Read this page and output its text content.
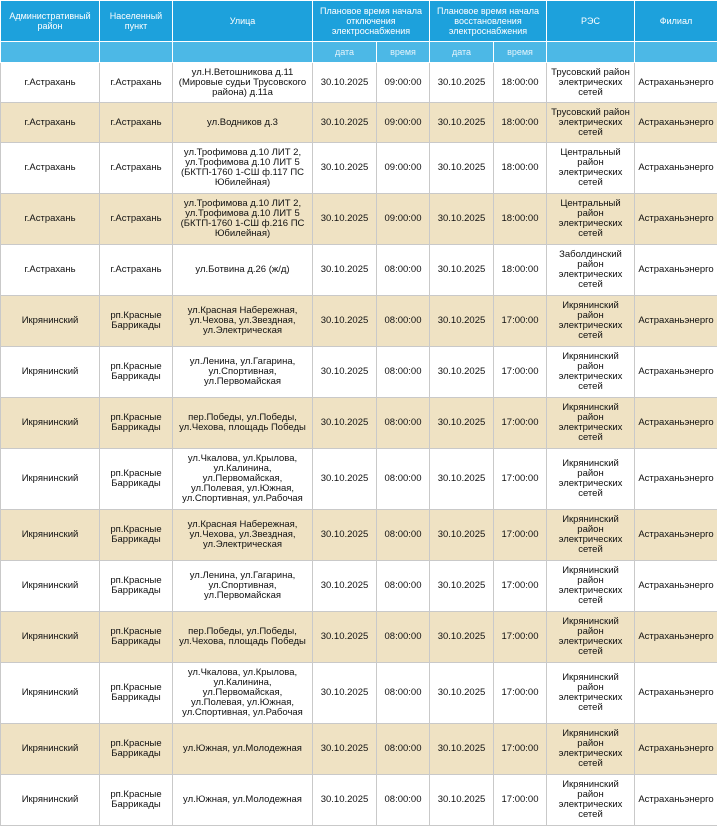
Административный район	Населенный пункт	Улица	Плановое время начала отключения электроснабжения		Плановое время начала восстановления электроснабжения		РЭС	Филиал
			дата	время	дата	время		
г.Астрахань	г.Астрахань	ул.Н.Ветошникова д.11 (Мировые судьи Трусовского района) д.11а	30.10.2025	09:00:00	30.10.2025	18:00:00	Трусовский район электрических сетей	Астраханьэнерго
г.Астрахань	г.Астрахань	ул.Водников д.3	30.10.2025	09:00:00	30.10.2025	18:00:00	Трусовский район электрических сетей	Астраханьэнерго
г.Астрахань	г.Астрахань	ул.Трофимова д.10 ЛИТ 2, ул.Трофимова д.10 ЛИТ 5 (БКТП-1760 1-СШ ф.117 ПС Юбилейная)	30.10.2025	09:00:00	30.10.2025	18:00:00	Центральный район электрических сетей	Астраханьэнерго
г.Астрахань	г.Астрахань	ул.Трофимова д.10 ЛИТ 2, ул.Трофимова д.10 ЛИТ 5 (БКТП-1760 1-СШ ф.216 ПС Юбилейная)	30.10.2025	09:00:00	30.10.2025	18:00:00	Центральный район электрических сетей	Астраханьэнерго
г.Астрахань	г.Астрахань	ул.Ботвина д.26 (ж/д)	30.10.2025	08:00:00	30.10.2025	18:00:00	Заболдинский район электрических сетей	Астраханьэнерго
Икрянинский	рп.Красные Баррикады	ул.Красная Набережная, ул.Чехова, ул.Звездная, ул.Электрическая	30.10.2025	08:00:00	30.10.2025	17:00:00	Икрянинский район электрических сетей	Астраханьэнерго
Икрянинский	рп.Красные Баррикады	ул.Ленина, ул.Гагарина, ул.Спортивная, ул.Первомайская	30.10.2025	08:00:00	30.10.2025	17:00:00	Икрянинский район электрических сетей	Астраханьэнерго
Икрянинский	рп.Красные Баррикады	пер.Победы, ул.Победы, ул.Чехова, площадь Победы	30.10.2025	08:00:00	30.10.2025	17:00:00	Икрянинский район электрических сетей	Астраханьэнерго
Икрянинский	рп.Красные Баррикады	ул.Чкалова, ул.Крылова, ул.Калинина, ул.Первомайская, ул.Полевая, ул.Южная, ул.Спортивная, ул.Рабочая	30.10.2025	08:00:00	30.10.2025	17:00:00	Икрянинский район электрических сетей	Астраханьэнерго
Икрянинский	рп.Красные Баррикады	ул.Красная Набережная, ул.Чехова, ул.Звездная, ул.Электрическая	30.10.2025	08:00:00	30.10.2025	17:00:00	Икрянинский район электрических сетей	Астраханьэнерго
Икрянинский	рп.Красные Баррикады	ул.Ленина, ул.Гагарина, ул.Спортивная, ул.Первомайская	30.10.2025	08:00:00	30.10.2025	17:00:00	Икрянинский район электрических сетей	Астраханьэнерго
Икрянинский	рп.Красные Баррикады	пер.Победы, ул.Победы, ул.Чехова, площадь Победы	30.10.2025	08:00:00	30.10.2025	17:00:00	Икрянинский район электрических сетей	Астраханьэнерго
Икрянинский	рп.Красные Баррикады	ул.Чкалова, ул.Крылова, ул.Калинина, ул.Первомайская, ул.Полевая, ул.Южная, ул.Спортивная, ул.Рабочая	30.10.2025	08:00:00	30.10.2025	17:00:00	Икрянинский район электрических сетей	Астраханьэнерго
Икрянинский	рп.Красные Баррикады	ул.Южная, ул.Молодежная	30.10.2025	08:00:00	30.10.2025	17:00:00	Икрянинский район электрических сетей	Астраханьэнерго
Икрянинский	рп.Красные Баррикады	ул.Южная, ул.Молодежная	30.10.2025	08:00:00	30.10.2025	17:00:00	Икрянинский район электрических сетей	Астраханьэнерго
